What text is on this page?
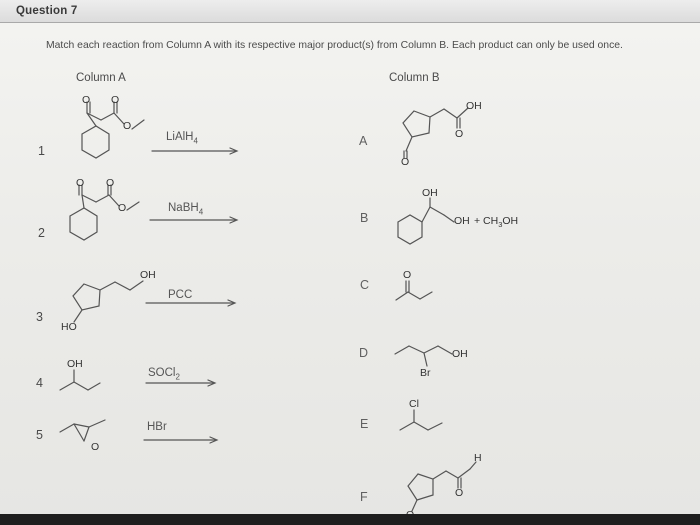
Question 7
Match each reaction from Column A with its respective major product(s) from Column B. Each product can only be used once.
Column A	Column B
1
2
3
4
5
LiAlH$_4$
NaBH$_4$
PCC
SOCl$_2$
HBr
A
B
C
D
E
F
O O
O
O O
O
OH
HO
OH
O
OH
O
O
OH
OH + $CH_3OH$
O
OH
Br
Cl
H
O
